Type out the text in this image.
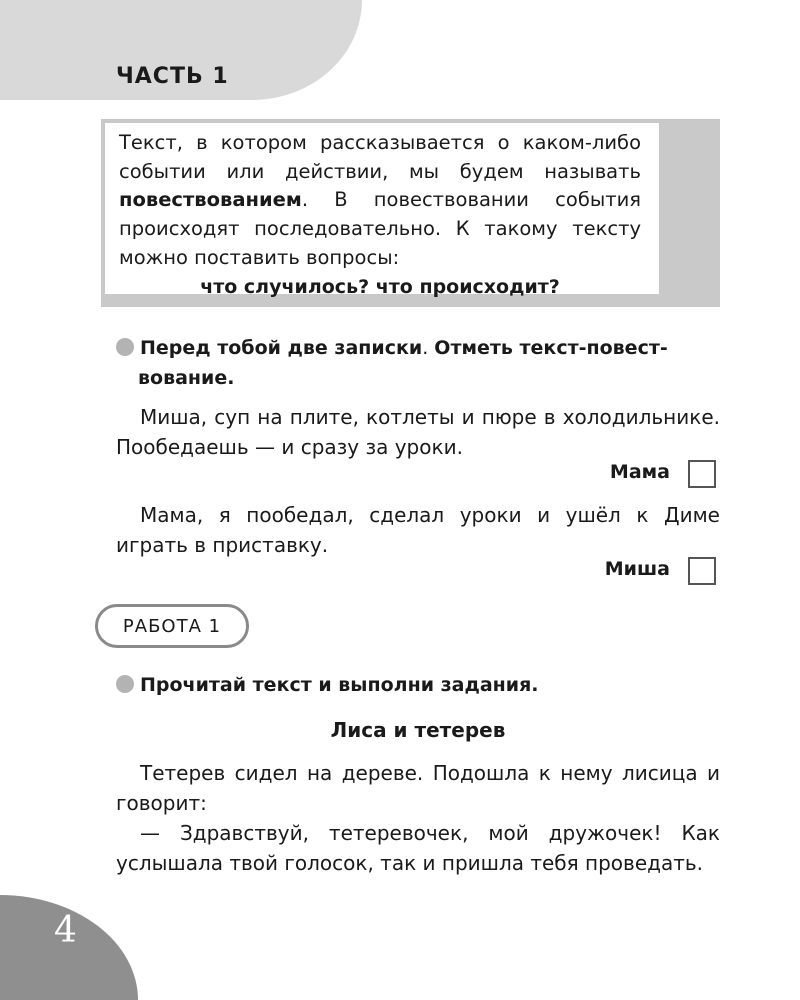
ЧАСТЬ 1

Текст, в котором рассказывается о каком-либо событии или действии, мы будем называть повествованием. В повествовании события происходят последовательно. К такому тексту можно поставить вопросы:

что случилось? что происходит?

Перед тобой две записки. Отметь текст-повест-
вование.

Миша, суп на плите, котлеты и пюре в холодильнике. Пообедаешь — и сразу за уроки.

Мама

Мама, я пообедал, сделал уроки и ушёл к Диме играть в приставку.

Миша
РАБОТА 1
Прочитай текст и выполни задания.
Лиса и тетерев

Тетерев сидел на дереве. Подошла к нему лисица и говорит:

— Здравствуй, тетеревочек, мой дружочек! Как услышала твой голосок, так и пришла тебя проведать.

4
